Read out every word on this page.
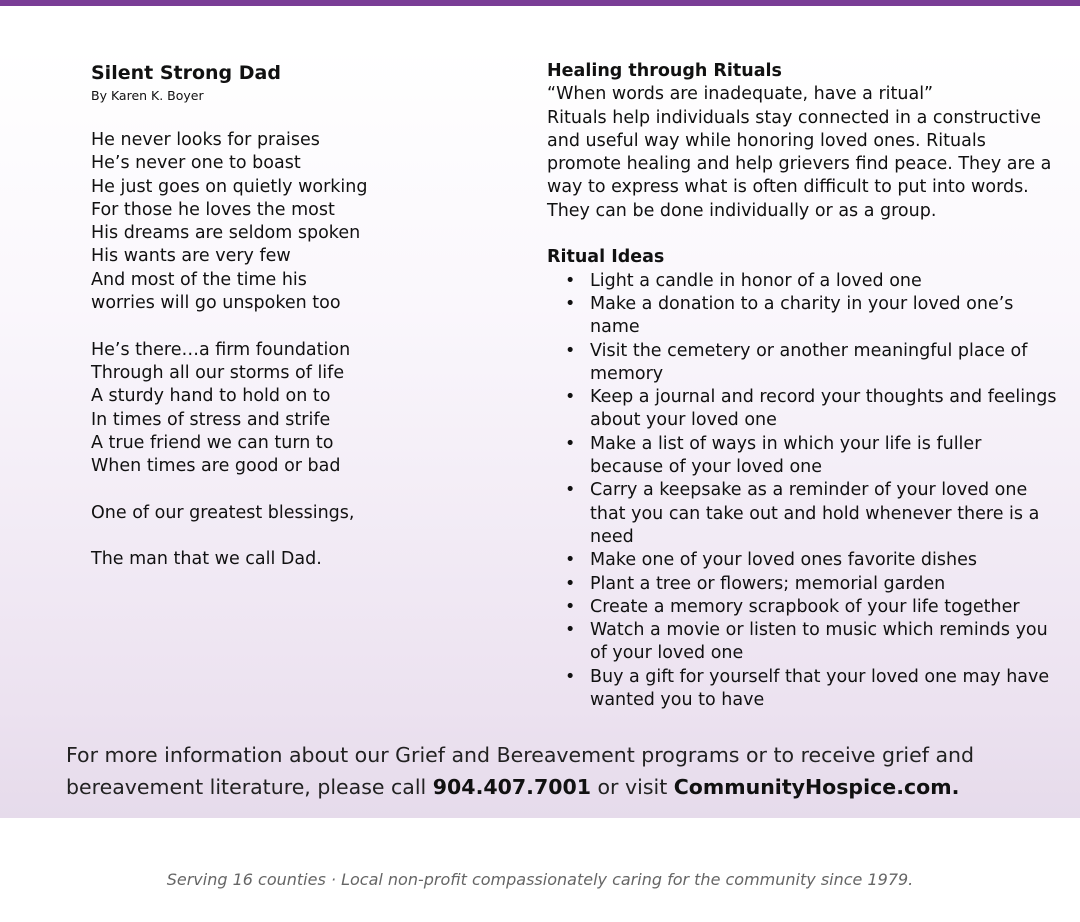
Silent Strong Dad

By Karen K. Boyer

He never looks for praises
He’s never one to boast
He just goes on quietly working
For those he loves the most
His dreams are seldom spoken
His wants are very few
And most of the time his
worries will go unspoken too
He’s there…a firm foundation
Through all our storms of life
A sturdy hand to hold on to
In times of stress and strife
A true friend we can turn to
When times are good or bad
One of our greatest blessings,
The man that we call Dad.

Healing through Rituals

“When words are inadequate, have a ritual”

Rituals help individuals stay connected in a constructive and useful way while honoring loved ones. Rituals promote healing and help grievers find peace. They are a way to express what is often difficult to put into words. They can be done individually or as a group.

Ritual Ideas

• Light a candle in honor of a loved one
• Make a donation to a charity in your loved one’s name
• Visit the cemetery or another meaningful place of memory
• Keep a journal and record your thoughts and feelings about your loved one
• Make a list of ways in which your life is fuller because of your loved one
• Carry a keepsake as a reminder of your loved one that you can take out and hold whenever there is a need
• Make one of your loved ones favorite dishes
• Plant a tree or flowers; memorial garden
• Create a memory scrapbook of your life together
• Watch a movie or listen to music which reminds you of your loved one
• Buy a gift for yourself that your loved one may have wanted you to have
For more information about our Grief and Bereavement programs or to receive grief and bereavement literature, please call 904.407.7001 or visit CommunityHospice.com.
Serving 16 counties · Local non-profit compassionately caring for the community since 1979.
